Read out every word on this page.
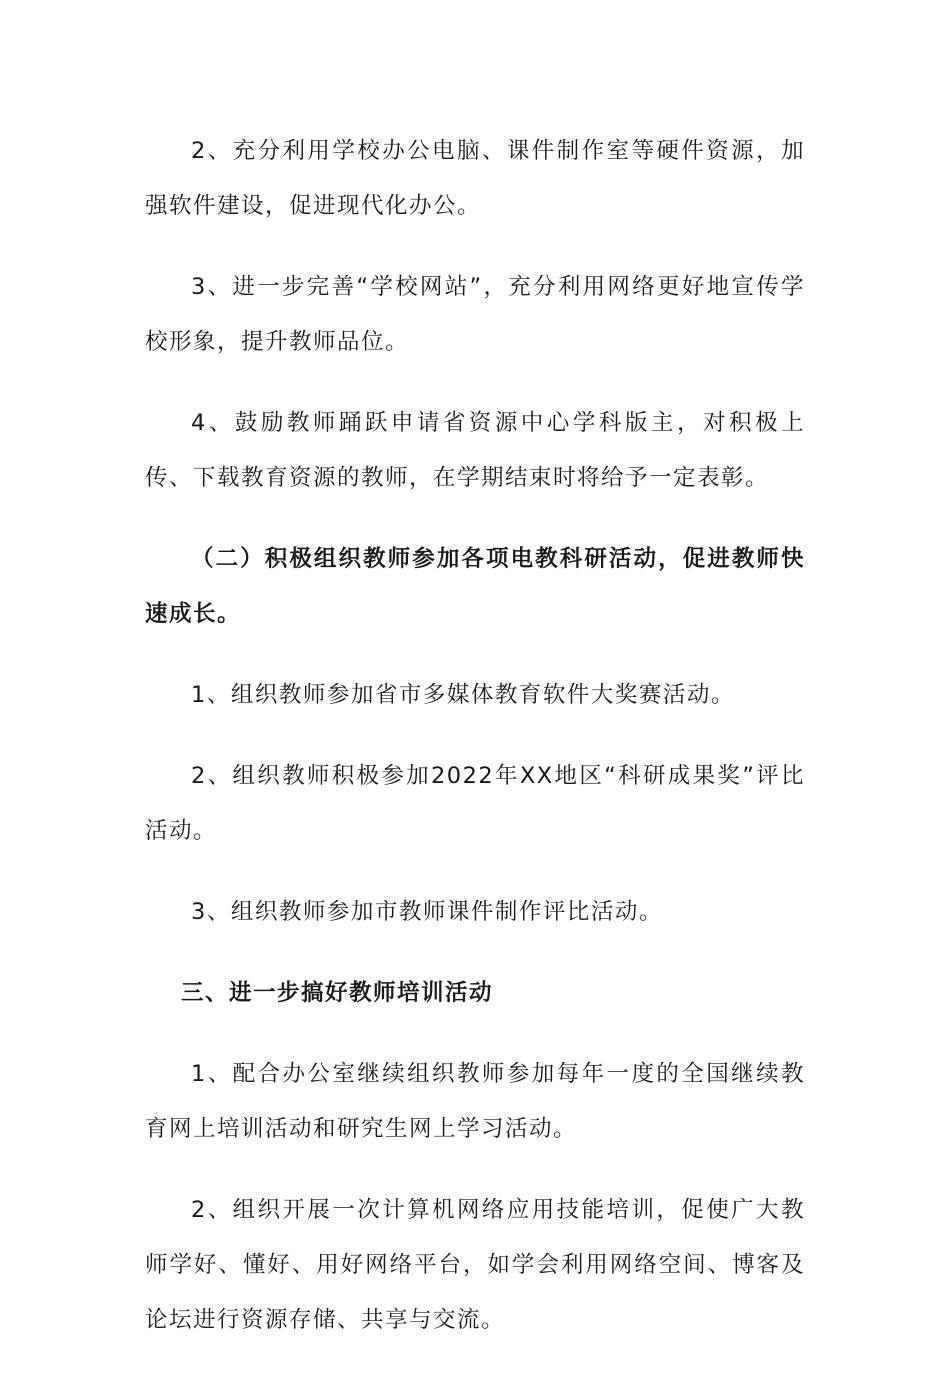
2、充分利用学校办公电脑、课件制作室等硬件资源，加强软件建设，促进现代化办公。

3、进一步完善“学校网站”，充分利用网络更好地宣传学校形象，提升教师品位。

4、鼓励教师踊跃申请省资源中心学科版主，对积极上传、下载教育资源的教师，在学期结束时将给予一定表彰。

（二）积极组织教师参加各项电教科研活动，促进教师快速成长。

1、组织教师参加省市多媒体教育软件大奖赛活动。

2、组织教师积极参加2022年XX地区“科研成果奖”评比活动。

3、组织教师参加市教师课件制作评比活动。

三、进一步搞好教师培训活动

1、配合办公室继续组织教师参加每年一度的全国继续教育网上培训活动和研究生网上学习活动。

2、组织开展一次计算机网络应用技能培训，促使广大教师学好、懂好、用好网络平台，如学会利用网络空间、博客及论坛进行资源存储、共享与交流。
